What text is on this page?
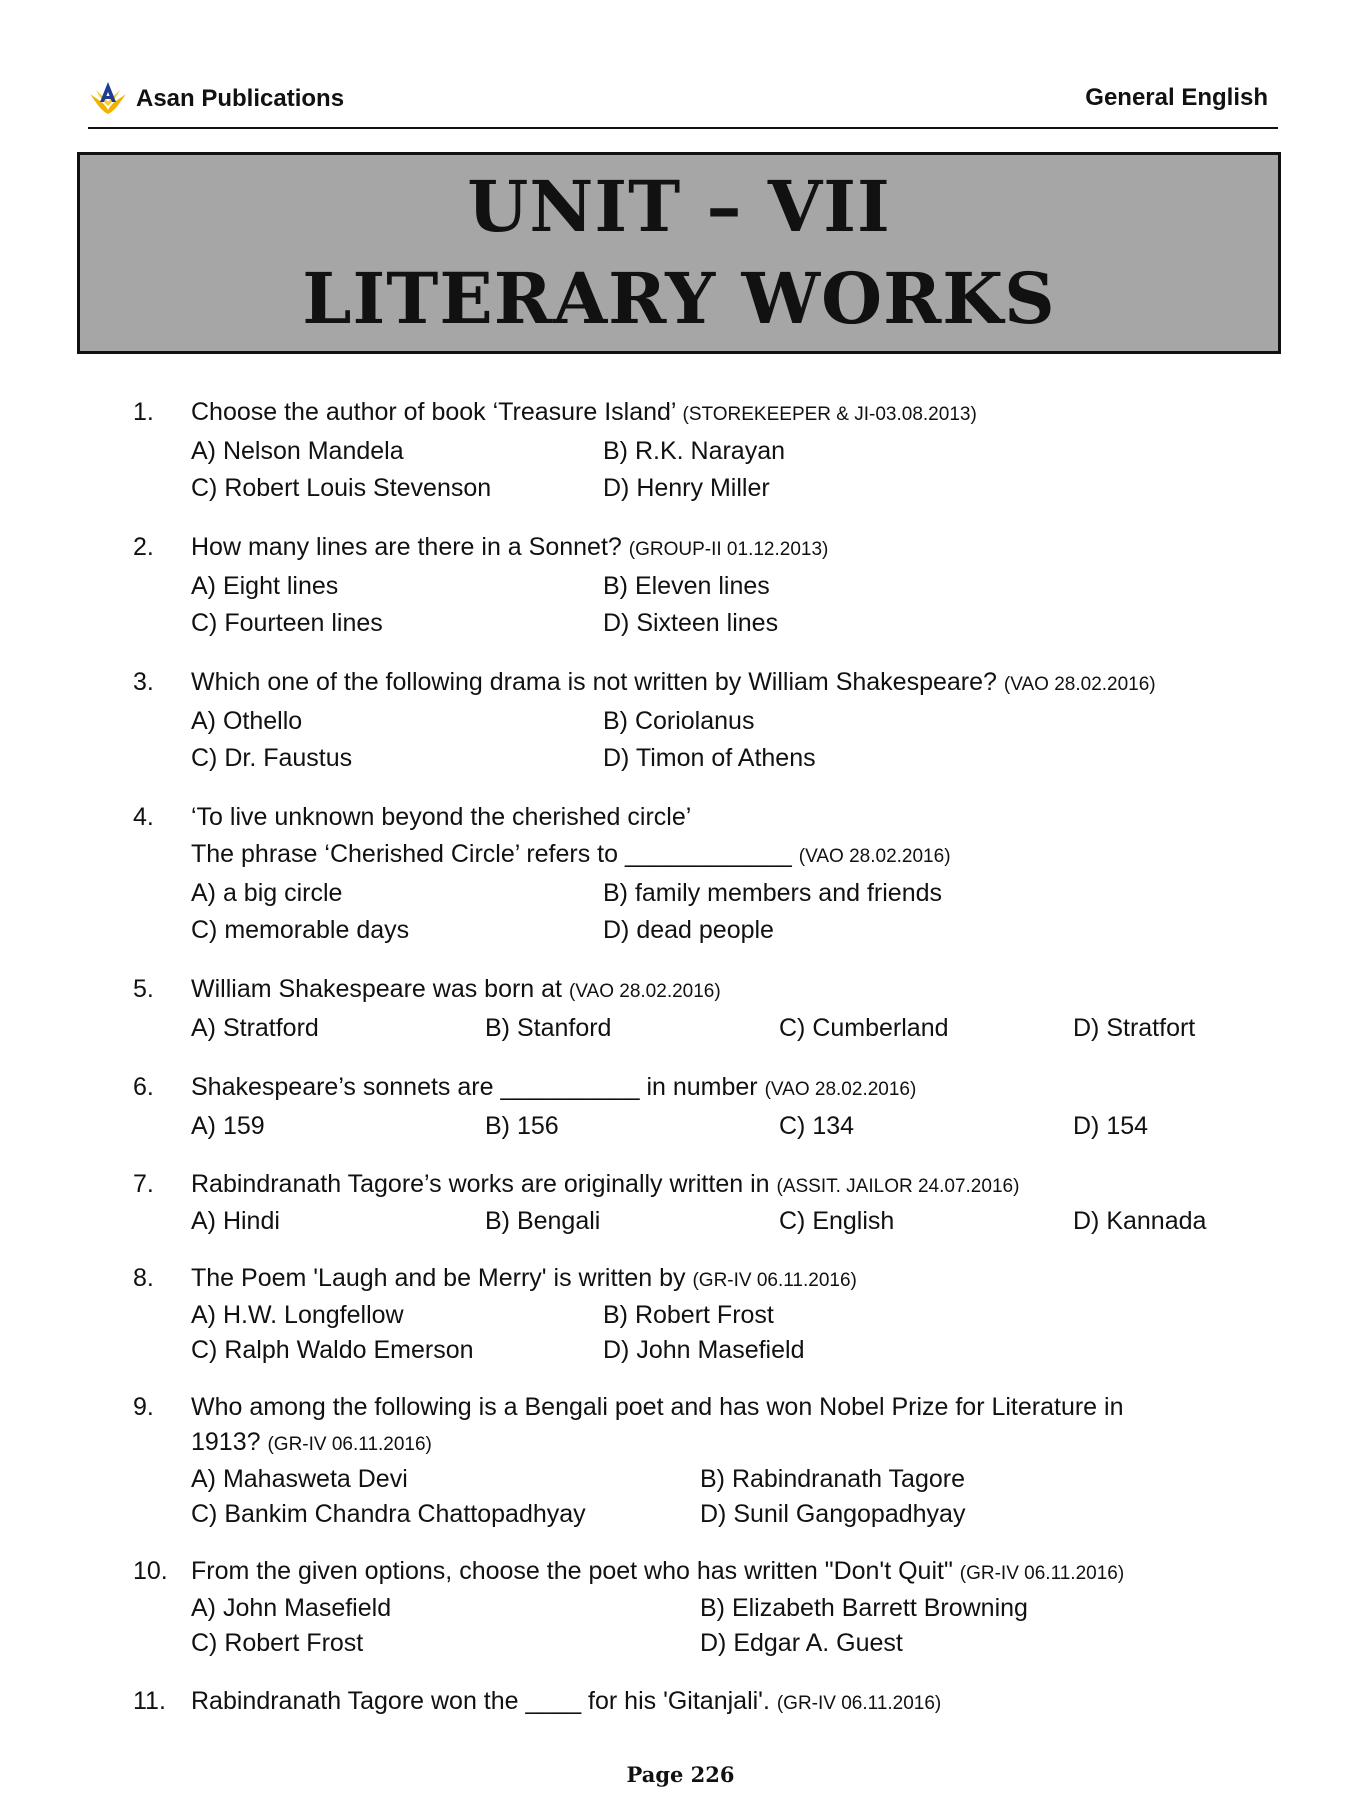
Asan Publications	General English
UNIT – VII
LITERARY WORKS
1.	Choose the author of book ‘Treasure Island’ (STOREKEEPER & JI-03.08.2013)
A) Nelson Mandela	B) R.K. Narayan
C) Robert Louis Stevenson	D) Henry Miller
2.	How many lines are there in a Sonnet? (GROUP-II 01.12.2013)
A) Eight lines	B) Eleven lines
C) Fourteen lines	D) Sixteen lines
3.	Which one of the following drama is not written by William Shakespeare? (VAO 28.02.2016)
A) Othello	B) Coriolanus
C) Dr. Faustus	D) Timon of Athens
4.	‘To live unknown beyond the cherished circle’
The phrase ‘Cherished Circle’ refers to ____________ (VAO 28.02.2016)
A) a big circle	B) family members and friends
C) memorable days	D) dead people
5.	William Shakespeare was born at (VAO 28.02.2016)
A) Stratford	B) Stanford	C) Cumberland	D) Stratfort
6.	Shakespeare’s sonnets are __________ in number (VAO 28.02.2016)
A) 159	B) 156	C) 134	D) 154
7.	Rabindranath Tagore’s works are originally written in (ASSIT. JAILOR 24.07.2016)
A) Hindi	B) Bengali	C) English	D) Kannada
8.	The Poem 'Laugh and be Merry' is written by (GR-IV 06.11.2016)
A) H.W. Longfellow	B) Robert Frost
C) Ralph Waldo Emerson	D) John Masefield
9.	Who among the following is a Bengali poet and has won Nobel Prize for Literature in
1913? (GR-IV 06.11.2016)
A) Mahasweta Devi	B) Rabindranath Tagore
C) Bankim Chandra Chattopadhyay	D) Sunil Gangopadhyay
10. From the given options, choose the poet who has written "Don't Quit" (GR-IV 06.11.2016)
A) John Masefield	B) Elizabeth Barrett Browning
C) Robert Frost	D) Edgar A. Guest
11.	Rabindranath Tagore won the ____ for his 'Gitanjali'. (GR-IV 06.11.2016)
Page 226
